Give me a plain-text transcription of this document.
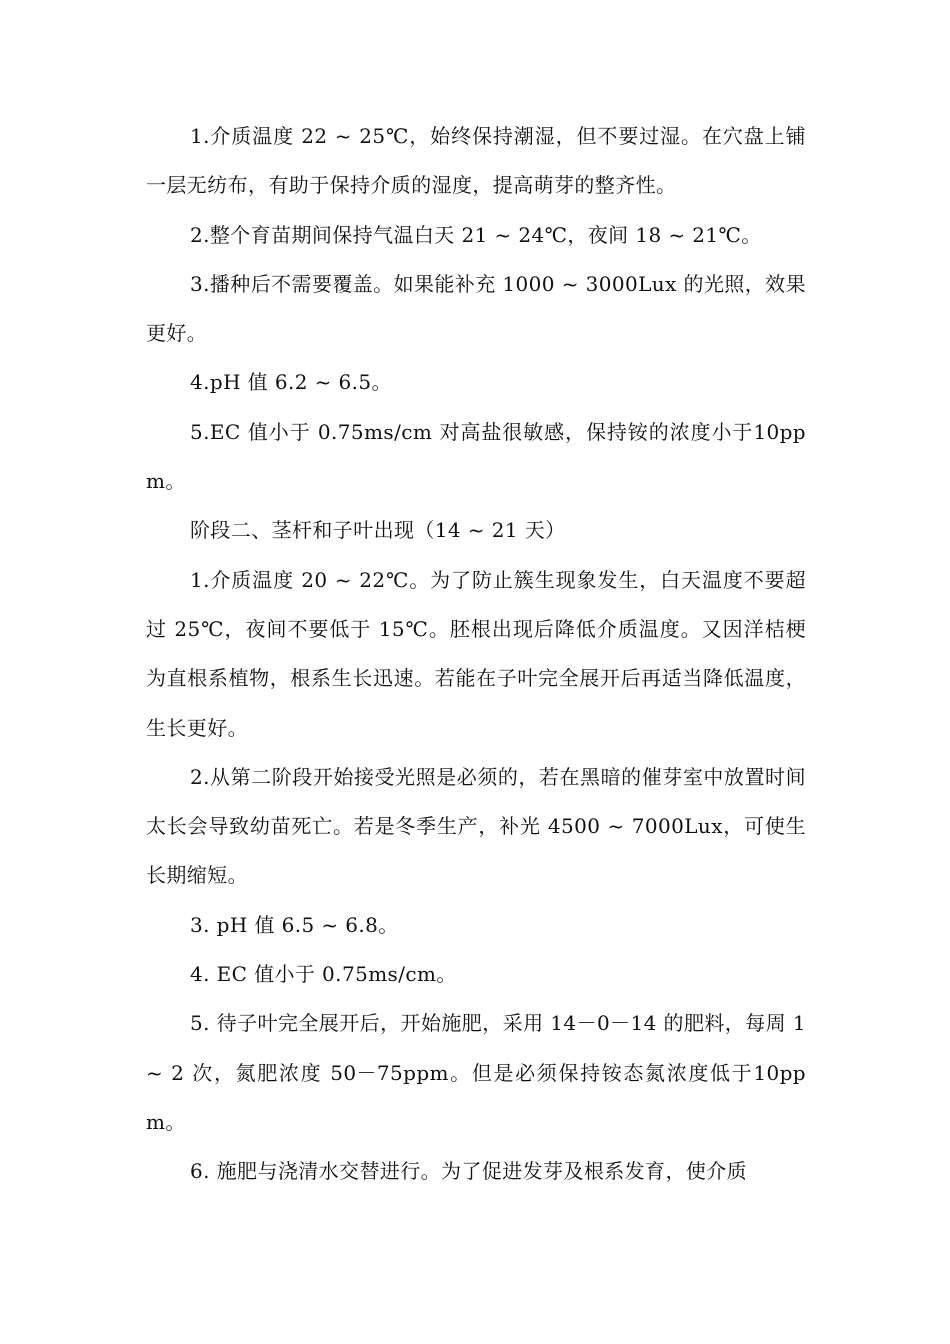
1.介质温度 22 ~ 25℃，始终保持潮湿，但不要过湿。在穴盘上铺一层无纺布，有助于保持介质的湿度，提高萌芽的整齐性。

2.整个育苗期间保持气温白天 21 ~ 24℃，夜间 18 ~ 21℃。

3.播种后不需要覆盖。如果能补充 1000 ~ 3000Lux 的光照，效果更好。

4.pH 值 6.2 ~ 6.5。

5.EC 值小于 0.75ms/cm 对高盐很敏感，保持铵的浓度小于10ppm。

阶段二、茎杆和子叶出现（14 ~ 21 天）

1.介质温度 20 ~ 22℃。为了防止簇生现象发生，白天温度不要超过 25℃，夜间不要低于 15℃。胚根出现后降低介质温度。又因洋桔梗为直根系植物，根系生长迅速。若能在子叶完全展开后再适当降低温度，生长更好。

2.从第二阶段开始接受光照是必须的，若在黑暗的催芽室中放置时间太长会导致幼苗死亡。若是冬季生产，补光 4500 ~ 7000Lux，可使生长期缩短。

3. pH 值 6.5 ~ 6.8。

4. EC 值小于 0.75ms/cm。

5. 待子叶完全展开后，开始施肥，采用 14－0－14 的肥料，每周 1 ~ 2 次，氮肥浓度 50－75ppm。但是必须保持铵态氮浓度低于10ppm。

6. 施肥与浇清水交替进行。为了促进发芽及根系发育，使介质
